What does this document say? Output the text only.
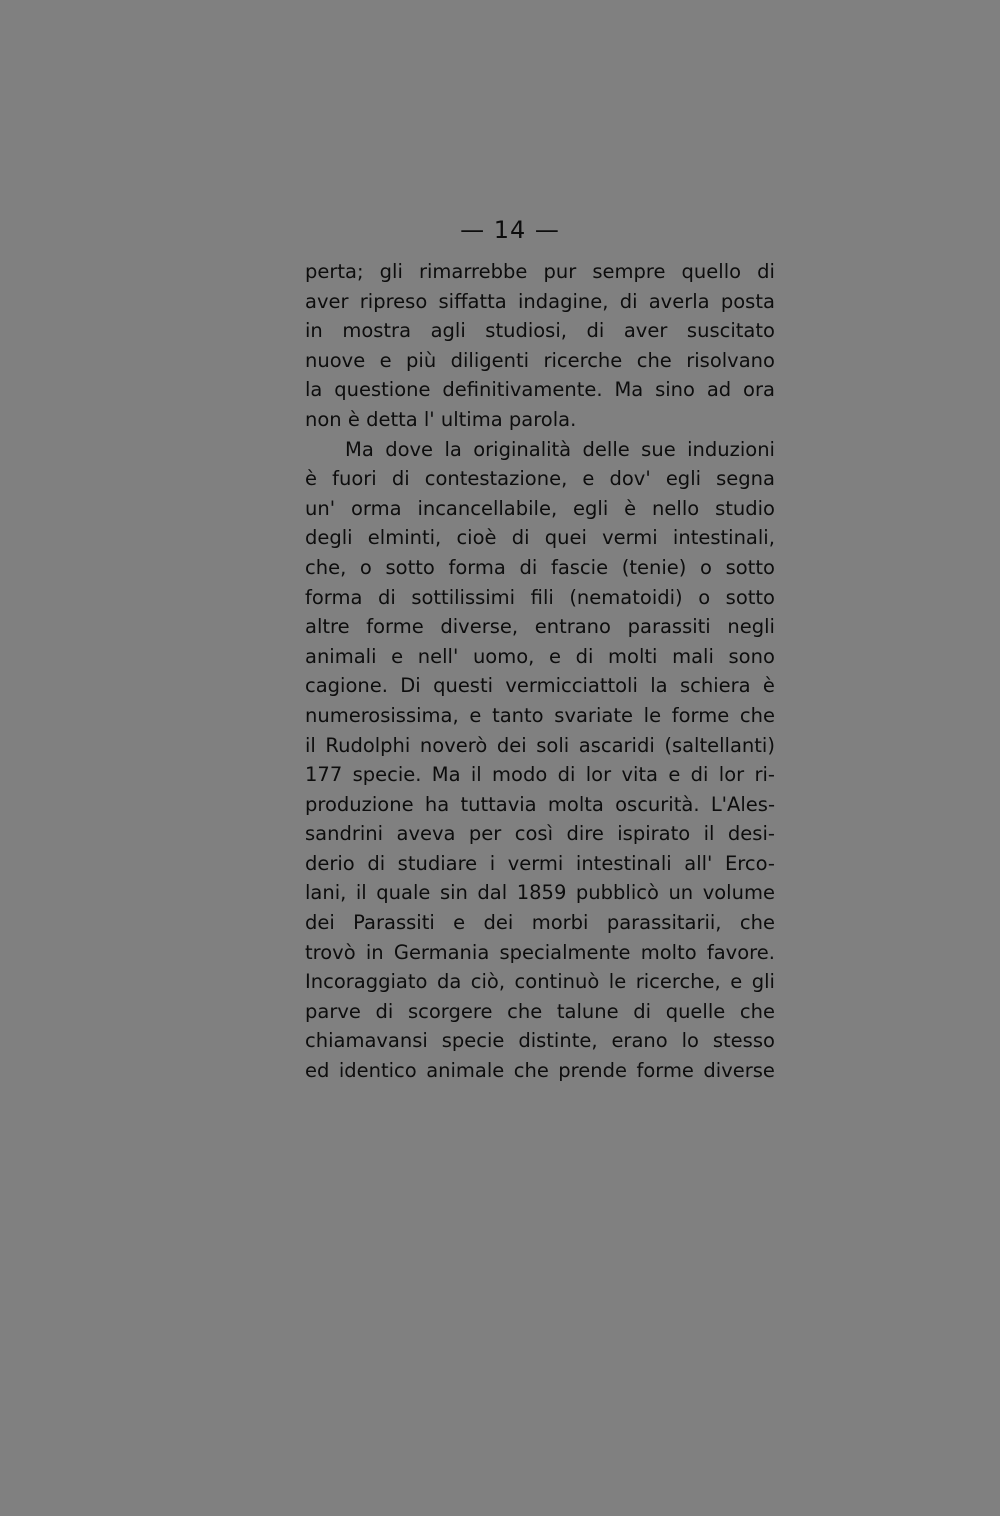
— 14 —
perta; gli rimarrebbe pur sempre quello di
aver ripreso siffatta indagine, di averla posta
in mostra agli studiosi, di aver suscitato
nuove e più diligenti ricerche che risolvano
la questione definitivamente. Ma sino ad ora
non
è
detta
l'
ultima
parola.

Ma dove la originalità delle sue induzioni
è fuori di contestazione, e dov' egli segna
un' orma incancellabile, egli è nello studio
degli elminti, cioè di quei vermi intestinali,
che, o sotto forma di fascie (tenie) o sotto
forma di sottilissimi fili (nematoidi) o sotto
altre forme diverse, entrano parassiti negli
animali e nell' uomo, e di molti mali sono
cagione. Di questi vermicciattoli la schiera è
numerosissima, e tanto svariate le forme che
il Rudolphi noverò dei soli ascaridi (saltellanti)
177 specie. Ma il modo di lor vita e di lor ri-
produzione ha tuttavia molta oscurità. L'Ales-
sandrini aveva per così dire ispirato il desi-
derio di studiare i vermi intestinali all' Erco-
lani, il quale sin dal 1859 pubblicò un volume
dei Parassiti e dei morbi parassitarii, che
trovò in Germania specialmente molto favore.
Incoraggiato da ciò, continuò le ricerche, e gli
parve di scorgere che talune di quelle che
chiamavansi specie distinte, erano lo stesso
ed identico animale che prende forme diverse
